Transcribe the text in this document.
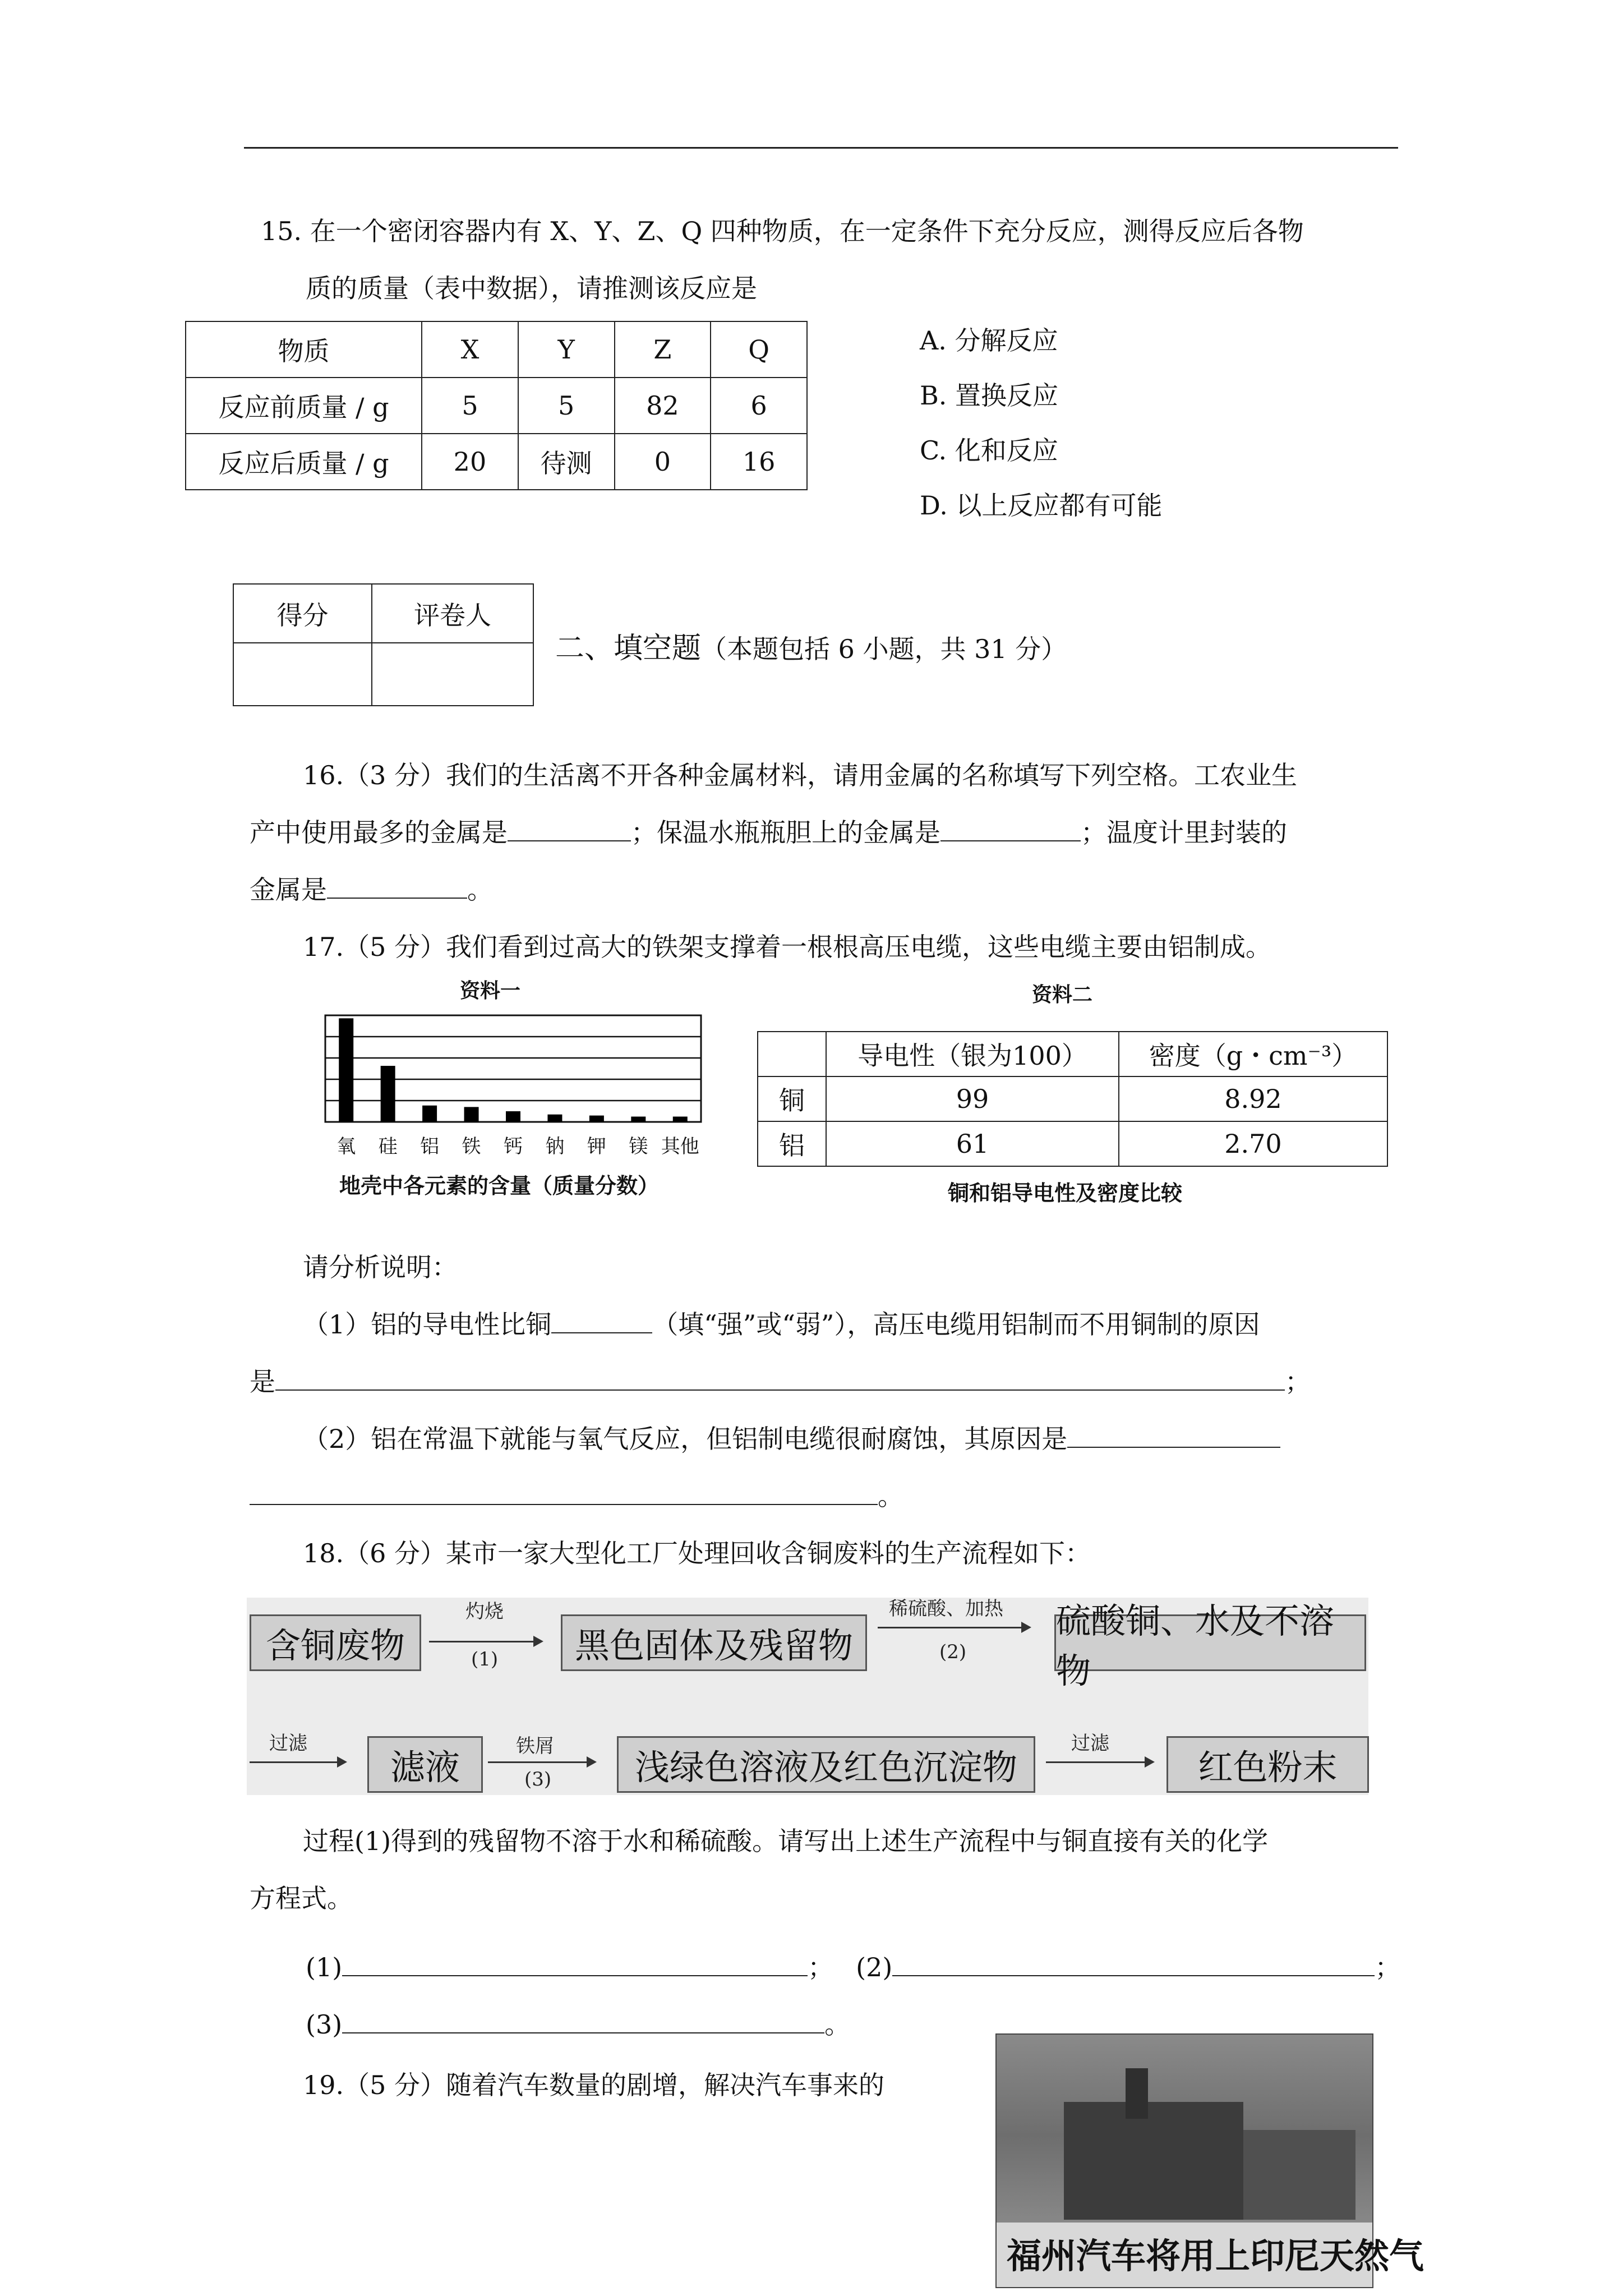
15. 在一个密闭容器内有 X、Y、Z、Q 四种物质，在一定条件下充分反应，测得反应后各物
质的质量（表中数据），请推测该反应是
物质	X	Y	Z	Q
反应前质量 / g	5	5	82	6
反应后质量 / g	20	待测	0	16
A. 分解反应
B. 置换反应
C. 化和反应
D. 以上反应都有可能
得分	评卷人

二、填空题（本题包括 6 小题，共 31 分）
16.（3 分）我们的生活离不开各种金属材料，请用金属的名称填写下列空格。工农业生
产中使用最多的金属是	；保温水瓶瓶胆上的金属是	；温度计里封装的
金属是	。
17.（5 分）我们看到过高大的铁架支撑着一根根高压电缆，这些电缆主要由铝制成。
资料一
氧 硅 铝 铁 钙 钠 钾 镁 其他
地壳中各元素的含量（质量分数）
资料二
	导电性（银为100）	密度（g・cm⁻³）
铜	99	8.92
铝	61	2.70
铜和铝导电性及密度比较
请分析说明：
（1）铝的导电性比铜	（填“强”或“弱”），高压电缆用铝制而不用铜制的原因
是	；
（2）铝在常温下就能与氧气反应，但铝制电缆很耐腐蚀，其原因是
。
18.（6 分）某市一家大型化工厂处理回收含铜废料的生产流程如下：
含铜废物
灼烧
(1)	黑色固体及残留物
稀硫酸、加热
(2)
硫酸铜、水及不溶物
过滤
滤液
铁屑
(3)	浅绿色溶液及红色沉淀物
过滤
红色粉末
过程(1)得到的残留物不溶于水和稀硫酸。请写出上述生产流程中与铜直接有关的化学
方程式。
(1)	； (2)	；
(3)	。
19.（5 分）随着汽车数量的剧增，解决汽车事来的
福州汽车将用上印尼天然气
